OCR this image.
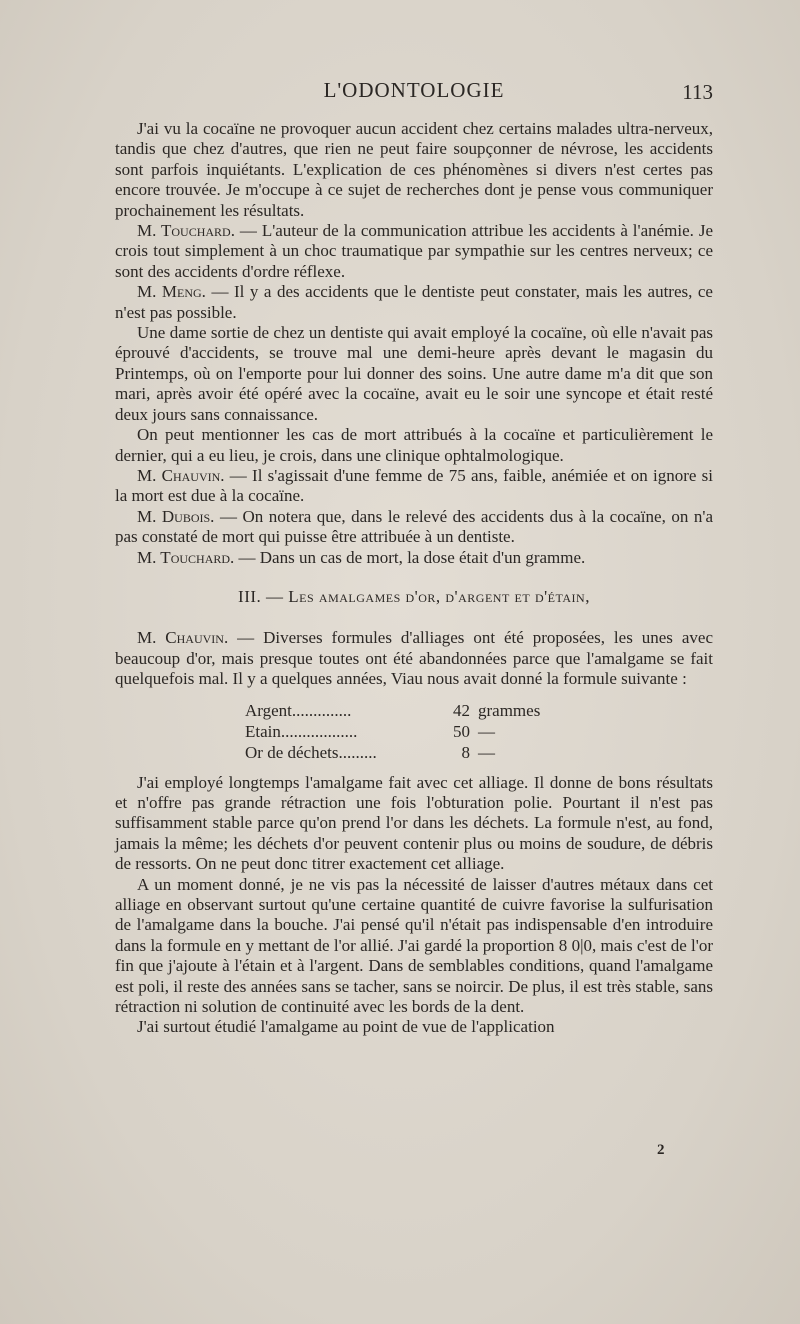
L'ODONTOLOGIE	113

J'ai vu la cocaïne ne provoquer aucun accident chez certains malades ultra-nerveux, tandis que chez d'autres, que rien ne peut faire soupçonner de névrose, les accidents sont parfois inquiétants. L'explication de ces phénomènes si divers n'est certes pas encore trouvée. Je m'occupe à ce sujet de recherches dont je pense vous communiquer prochainement les résultats.

M. Touchard. — L'auteur de la communication attribue les accidents à l'anémie. Je crois tout simplement à un choc traumatique par sympathie sur les centres nerveux; ce sont des accidents d'ordre réflexe.

M. Meng. — Il y a des accidents que le dentiste peut constater, mais les autres, ce n'est pas possible.

Une dame sortie de chez un dentiste qui avait employé la cocaïne, où elle n'avait pas éprouvé d'accidents, se trouve mal une demi-heure après devant le magasin du Printemps, où on l'emporte pour lui donner des soins. Une autre dame m'a dit que son mari, après avoir été opéré avec la cocaïne, avait eu le soir une syncope et était resté deux jours sans connaissance.

On peut mentionner les cas de mort attribués à la cocaïne et particulièrement le dernier, qui a eu lieu, je crois, dans une clinique ophtalmologique.

M. Chauvin. — Il s'agissait d'une femme de 75 ans, faible, anémiée et on ignore si la mort est due à la cocaïne.

M. Dubois. — On notera que, dans le relevé des accidents dus à la cocaïne, on n'a pas constaté de mort qui puisse être attribuée à un dentiste.

M. Touchard. — Dans un cas de mort, la dose était d'un gramme.

III. — Les amalgames d'or, d'argent et d'étain,

M. Chauvin. — Diverses formules d'alliages ont été proposées, les unes avec beaucoup d'or, mais presque toutes ont été abandonnées parce que l'amalgame se fait quelquefois mal. Il y a quelques années, Viau nous avait donné la formule suivante :

Argent..............	42 grammes
Etain..................	50 —
Or de déchets.........	8 —

J'ai employé longtemps l'amalgame fait avec cet alliage. Il donne de bons résultats et n'offre pas grande rétraction une fois l'obturation polie. Pourtant il n'est pas suffisamment stable parce qu'on prend l'or dans les déchets. La formule n'est, au fond, jamais la même; les déchets d'or peuvent contenir plus ou moins de soudure, de débris de ressorts. On ne peut donc titrer exactement cet alliage.

A un moment donné, je ne vis pas la nécessité de laisser d'autres métaux dans cet alliage en observant surtout qu'une certaine quantité de cuivre favorise la sulfurisation de l'amalgame dans la bouche. J'ai pensé qu'il n'était pas indispensable d'en introduire dans la formule en y mettant de l'or allié. J'ai gardé la proportion 8 0|0, mais c'est de l'or fin que j'ajoute à l'étain et à l'argent. Dans de semblables conditions, quand l'amalgame est poli, il reste des années sans se tacher, sans se noircir. De plus, il est très stable, sans rétraction ni solution de continuité avec les bords de la dent.

J'ai surtout étudié l'amalgame au point de vue de l'application

2
